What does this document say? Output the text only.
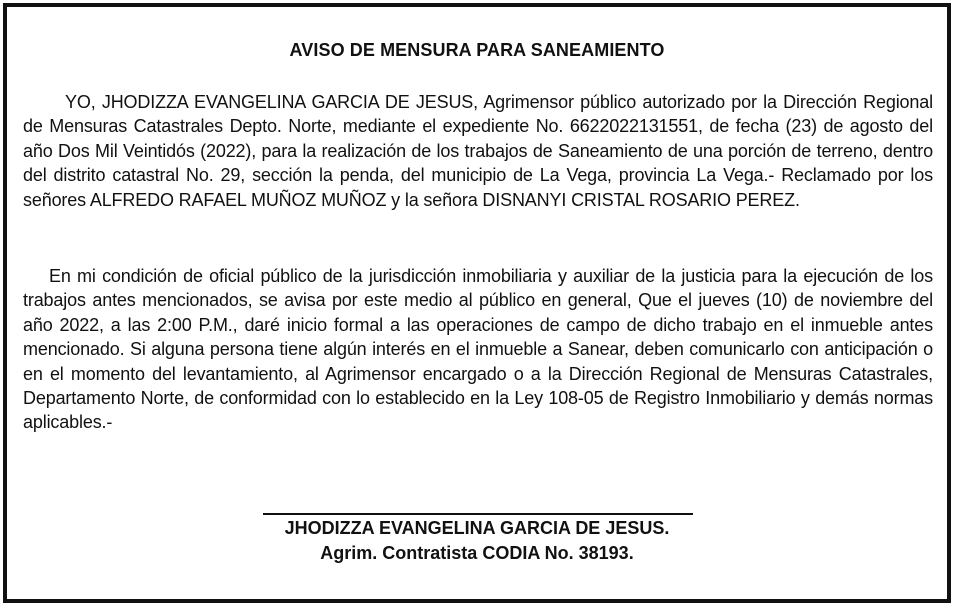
AVISO DE MENSURA PARA SANEAMIENTO

YO, JHODIZZA EVANGELINA GARCIA DE JESUS, Agrimensor público autorizado por la Dirección Regional de Mensuras Catastrales Depto. Norte, mediante el expediente No. 6622022131551, de fecha (23) de agosto del año Dos Mil Veintidós (2022), para la realización de los trabajos de Saneamiento de una porción de terreno, dentro del distrito catastral No. 29, sección la penda, del municipio de La Vega, provincia La Vega.- Reclamado por los señores ALFREDO RAFAEL MUÑOZ MUÑOZ y la señora DISNANYI CRISTAL ROSARIO PEREZ.

En mi condición de oficial público de la jurisdicción inmobiliaria y auxiliar de la justicia para la ejecución de los trabajos antes mencionados, se avisa por este medio al público en general, Que el jueves (10) de noviembre del año 2022, a las 2:00 P.M., daré inicio formal a las operaciones de campo de dicho trabajo en el inmueble antes mencionado. Si alguna persona tiene algún interés en el inmueble a Sanear, deben comunicarlo con anticipación o en el momento del levantamiento, al Agrimensor encargado o a la Dirección Regional de Mensuras Catastrales, Departamento Norte, de conformidad con lo establecido en la Ley 108-05 de Registro Inmobiliario y demás normas aplicables.-

JHODIZZA EVANGELINA GARCIA DE JESUS.
Agrim. Contratista CODIA No. 38193.
